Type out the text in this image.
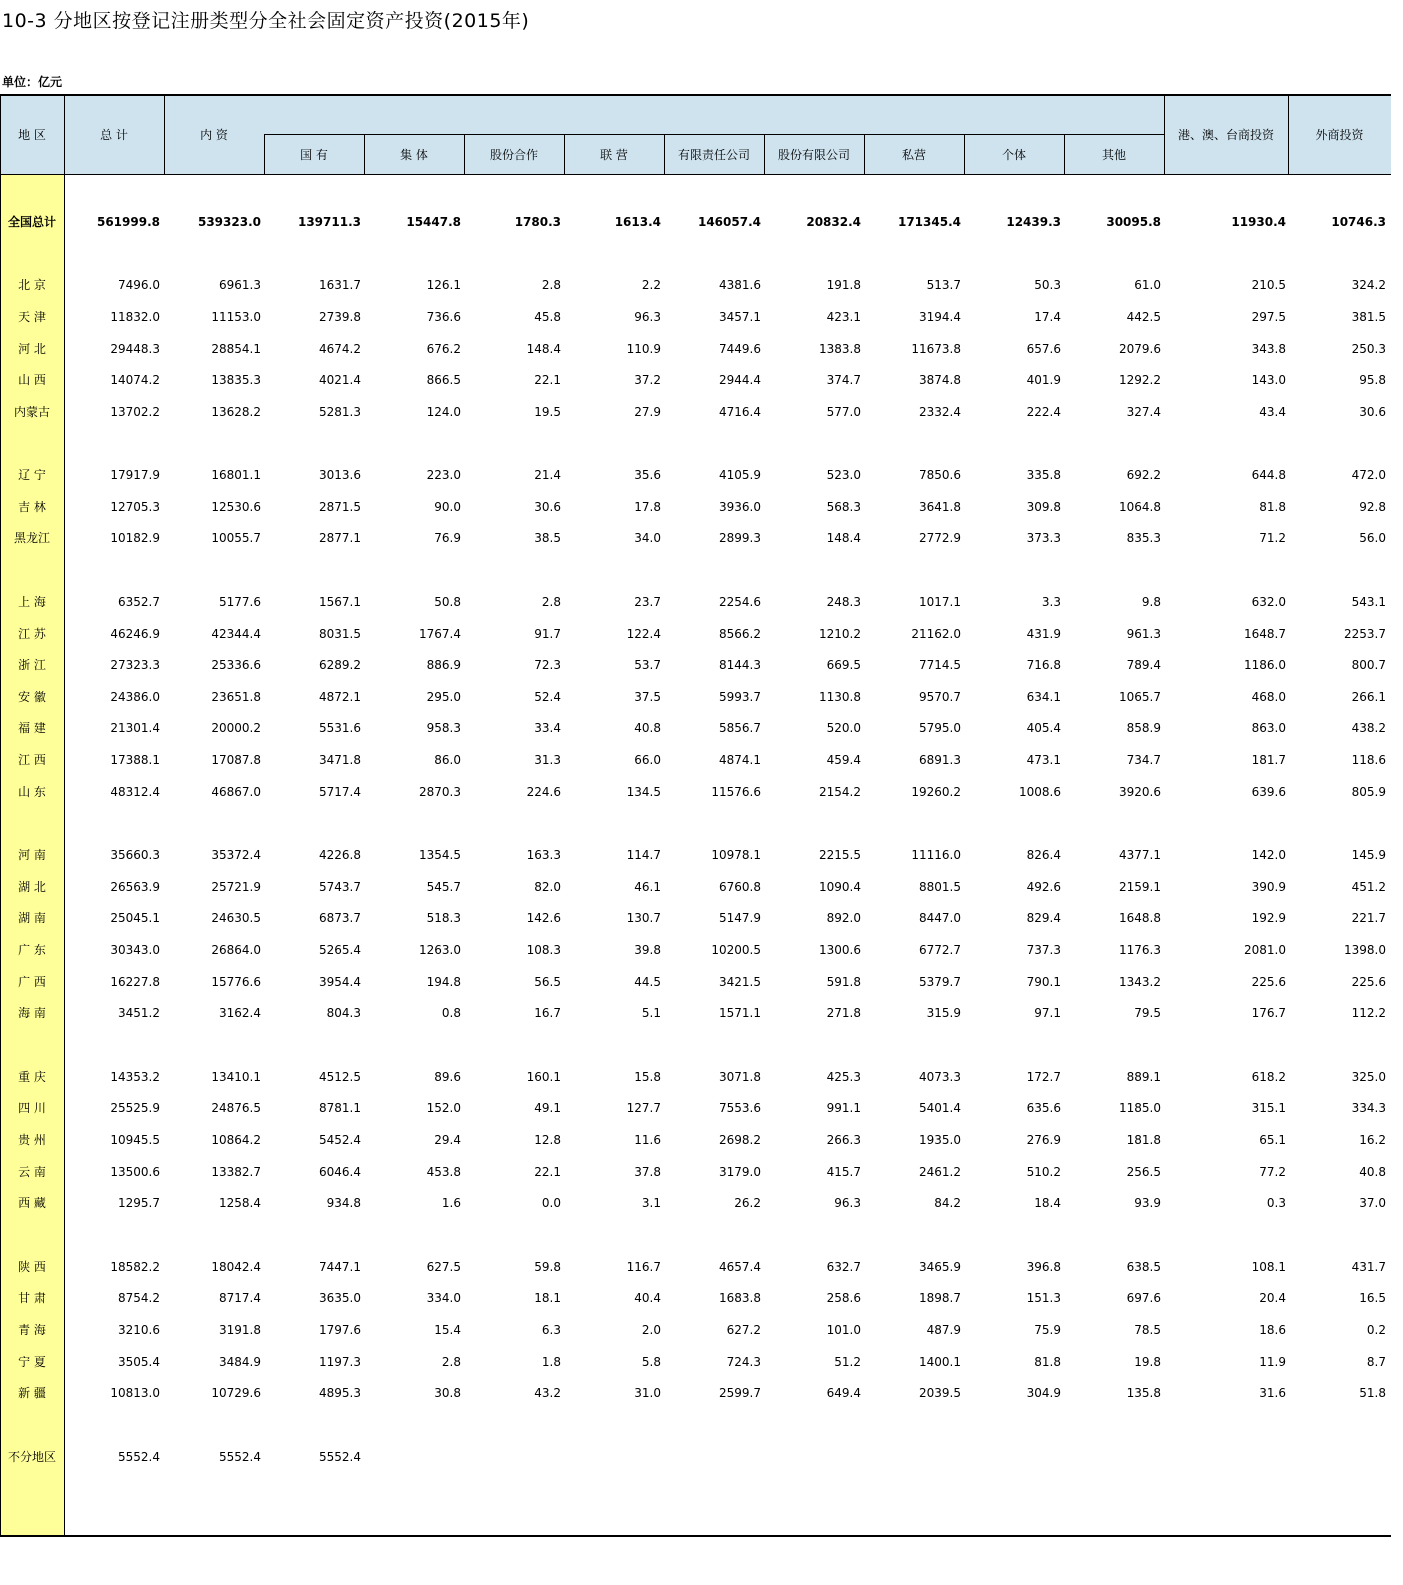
10-3 分地区按登记注册类型分全社会固定资产投资(2015年)
单位：亿元
地 区	总 计	内 资
国 有	集 体	股份合作	联 营	有限责任公司	股份有限公司	私营	个体	其他
港、澳、台商投资	外商投资
全国总计	561999.8	539323.0	139711.3	15447.8	1780.3	1613.4	146057.4	20832.4	171345.4	12439.3	30095.8	11930.4	10746.3
北 京	7496.0	6961.3	1631.7	126.1	2.8	2.2	4381.6	191.8	513.7	50.3	61.0	210.5	324.2
天 津	11832.0	11153.0	2739.8	736.6	45.8	96.3	3457.1	423.1	3194.4	17.4	442.5	297.5	381.5
河 北	29448.3	28854.1	4674.2	676.2	148.4	110.9	7449.6	1383.8	11673.8	657.6	2079.6	343.8	250.3
山 西	14074.2	13835.3	4021.4	866.5	22.1	37.2	2944.4	374.7	3874.8	401.9	1292.2	143.0	95.8
内蒙古	13702.2	13628.2	5281.3	124.0	19.5	27.9	4716.4	577.0	2332.4	222.4	327.4	43.4	30.6
辽 宁	17917.9	16801.1	3013.6	223.0	21.4	35.6	4105.9	523.0	7850.6	335.8	692.2	644.8	472.0
吉 林	12705.3	12530.6	2871.5	90.0	30.6	17.8	3936.0	568.3	3641.8	309.8	1064.8	81.8	92.8
黑龙江	10182.9	10055.7	2877.1	76.9	38.5	34.0	2899.3	148.4	2772.9	373.3	835.3	71.2	56.0
上 海	6352.7	5177.6	1567.1	50.8	2.8	23.7	2254.6	248.3	1017.1	3.3	9.8	632.0	543.1
江 苏	46246.9	42344.4	8031.5	1767.4	91.7	122.4	8566.2	1210.2	21162.0	431.9	961.3	1648.7	2253.7
浙 江	27323.3	25336.6	6289.2	886.9	72.3	53.7	8144.3	669.5	7714.5	716.8	789.4	1186.0	800.7
安 徽	24386.0	23651.8	4872.1	295.0	52.4	37.5	5993.7	1130.8	9570.7	634.1	1065.7	468.0	266.1
福 建	21301.4	20000.2	5531.6	958.3	33.4	40.8	5856.7	520.0	5795.0	405.4	858.9	863.0	438.2
江 西	17388.1	17087.8	3471.8	86.0	31.3	66.0	4874.1	459.4	6891.3	473.1	734.7	181.7	118.6
山 东	48312.4	46867.0	5717.4	2870.3	224.6	134.5	11576.6	2154.2	19260.2	1008.6	3920.6	639.6	805.9
河 南	35660.3	35372.4	4226.8	1354.5	163.3	114.7	10978.1	2215.5	11116.0	826.4	4377.1	142.0	145.9
湖 北	26563.9	25721.9	5743.7	545.7	82.0	46.1	6760.8	1090.4	8801.5	492.6	2159.1	390.9	451.2
湖 南	25045.1	24630.5	6873.7	518.3	142.6	130.7	5147.9	892.0	8447.0	829.4	1648.8	192.9	221.7
广 东	30343.0	26864.0	5265.4	1263.0	108.3	39.8	10200.5	1300.6	6772.7	737.3	1176.3	2081.0	1398.0
广 西	16227.8	15776.6	3954.4	194.8	56.5	44.5	3421.5	591.8	5379.7	790.1	1343.2	225.6	225.6
海 南	3451.2	3162.4	804.3	0.8	16.7	5.1	1571.1	271.8	315.9	97.1	79.5	176.7	112.2
重 庆	14353.2	13410.1	4512.5	89.6	160.1	15.8	3071.8	425.3	4073.3	172.7	889.1	618.2	325.0
四 川	25525.9	24876.5	8781.1	152.0	49.1	127.7	7553.6	991.1	5401.4	635.6	1185.0	315.1	334.3
贵 州	10945.5	10864.2	5452.4	29.4	12.8	11.6	2698.2	266.3	1935.0	276.9	181.8	65.1	16.2
云 南	13500.6	13382.7	6046.4	453.8	22.1	37.8	3179.0	415.7	2461.2	510.2	256.5	77.2	40.8
西 藏	1295.7	1258.4	934.8	1.6	0.0	3.1	26.2	96.3	84.2	18.4	93.9	0.3	37.0
陕 西	18582.2	18042.4	7447.1	627.5	59.8	116.7	4657.4	632.7	3465.9	396.8	638.5	108.1	431.7
甘 肃	8754.2	8717.4	3635.0	334.0	18.1	40.4	1683.8	258.6	1898.7	151.3	697.6	20.4	16.5
青 海	3210.6	3191.8	1797.6	15.4	6.3	2.0	627.2	101.0	487.9	75.9	78.5	18.6	0.2
宁 夏	3505.4	3484.9	1197.3	2.8	1.8	5.8	724.3	51.2	1400.1	81.8	19.8	11.9	8.7
新 疆	10813.0	10729.6	4895.3	30.8	43.2	31.0	2599.7	649.4	2039.5	304.9	135.8	31.6	51.8
不分地区	5552.4	5552.4	5552.4
